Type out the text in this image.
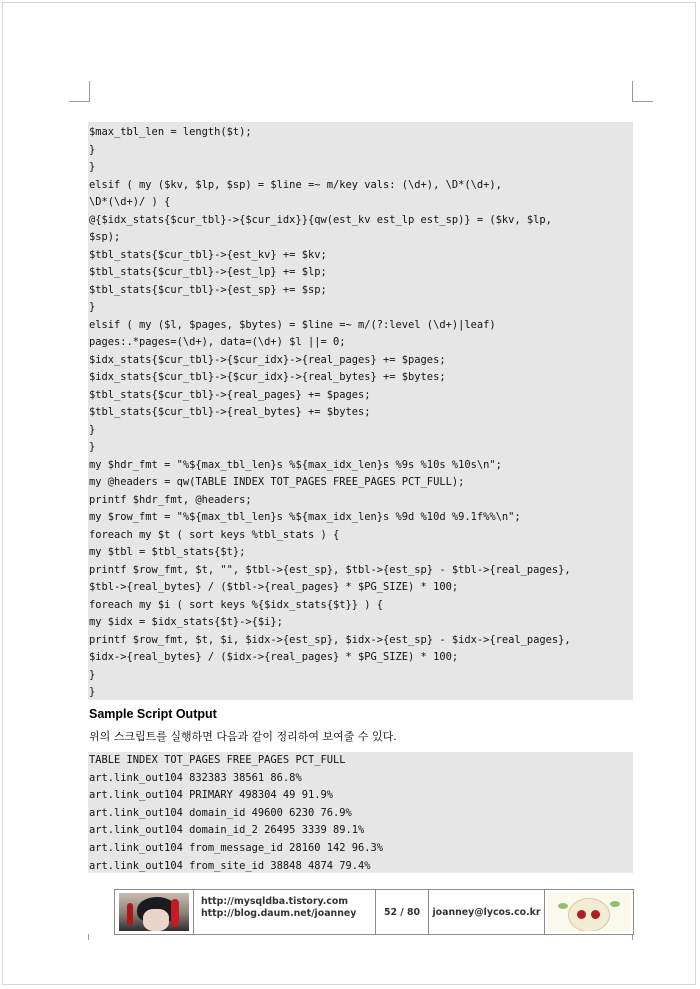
$max_tbl_len = length($t);
}
}
elsif ( my ($kv, $lp, $sp) = $line =~ m/key vals: (\d+), \D*(\d+),
\D*(\d+)/ ) {
@{$idx_stats{$cur_tbl}->{$cur_idx}}{qw(est_kv est_lp est_sp)} = ($kv, $lp,
$sp);
$tbl_stats{$cur_tbl}->{est_kv} += $kv;
$tbl_stats{$cur_tbl}->{est_lp} += $lp;
$tbl_stats{$cur_tbl}->{est_sp} += $sp;
}
elsif ( my ($l, $pages, $bytes) = $line =~ m/(?:level (\d+)|leaf)
pages:.*pages=(\d+), data=(\d+) $l ||= 0;
$idx_stats{$cur_tbl}->{$cur_idx}->{real_pages} += $pages;
$idx_stats{$cur_tbl}->{$cur_idx}->{real_bytes} += $bytes;
$tbl_stats{$cur_tbl}->{real_pages} += $pages;
$tbl_stats{$cur_tbl}->{real_bytes} += $bytes;
}
}
my $hdr_fmt = "%${max_tbl_len}s %${max_idx_len}s %9s %10s %10s\n";
my @headers = qw(TABLE INDEX TOT_PAGES FREE_PAGES PCT_FULL);
printf $hdr_fmt, @headers;
my $row_fmt = "%${max_tbl_len}s %${max_idx_len}s %9d %10d %9.1f%%\n";
foreach my $t ( sort keys %tbl_stats ) {
my $tbl = $tbl_stats{$t};
printf $row_fmt, $t, "", $tbl->{est_sp}, $tbl->{est_sp} - $tbl->{real_pages},
$tbl->{real_bytes} / ($tbl->{real_pages} * $PG_SIZE) * 100;
foreach my $i ( sort keys %{$idx_stats{$t}} ) {
my $idx = $idx_stats{$t}->{$i};
printf $row_fmt, $t, $i, $idx->{est_sp}, $idx->{est_sp} - $idx->{real_pages},
$idx->{real_bytes} / ($idx->{real_pages} * $PG_SIZE) * 100;
}
}
Sample Script Output
위의 스크립트를 실행하면 다음과 같이 정리하여 보여줄 수 있다.
TABLE INDEX TOT_PAGES FREE_PAGES PCT_FULL
art.link_out104 832383 38561 86.8%
art.link_out104 PRIMARY 498304 49 91.9%
art.link_out104 domain_id 49600 6230 76.9%
art.link_out104 domain_id_2 26495 3339 89.1%
art.link_out104 from_message_id 28160 142 96.3%
art.link_out104 from_site_id 38848 4874 79.4%
http://mysqldba.tistory.com
http://blog.daum.net/joanney	52 / 80	joanney@lycos.co.kr
